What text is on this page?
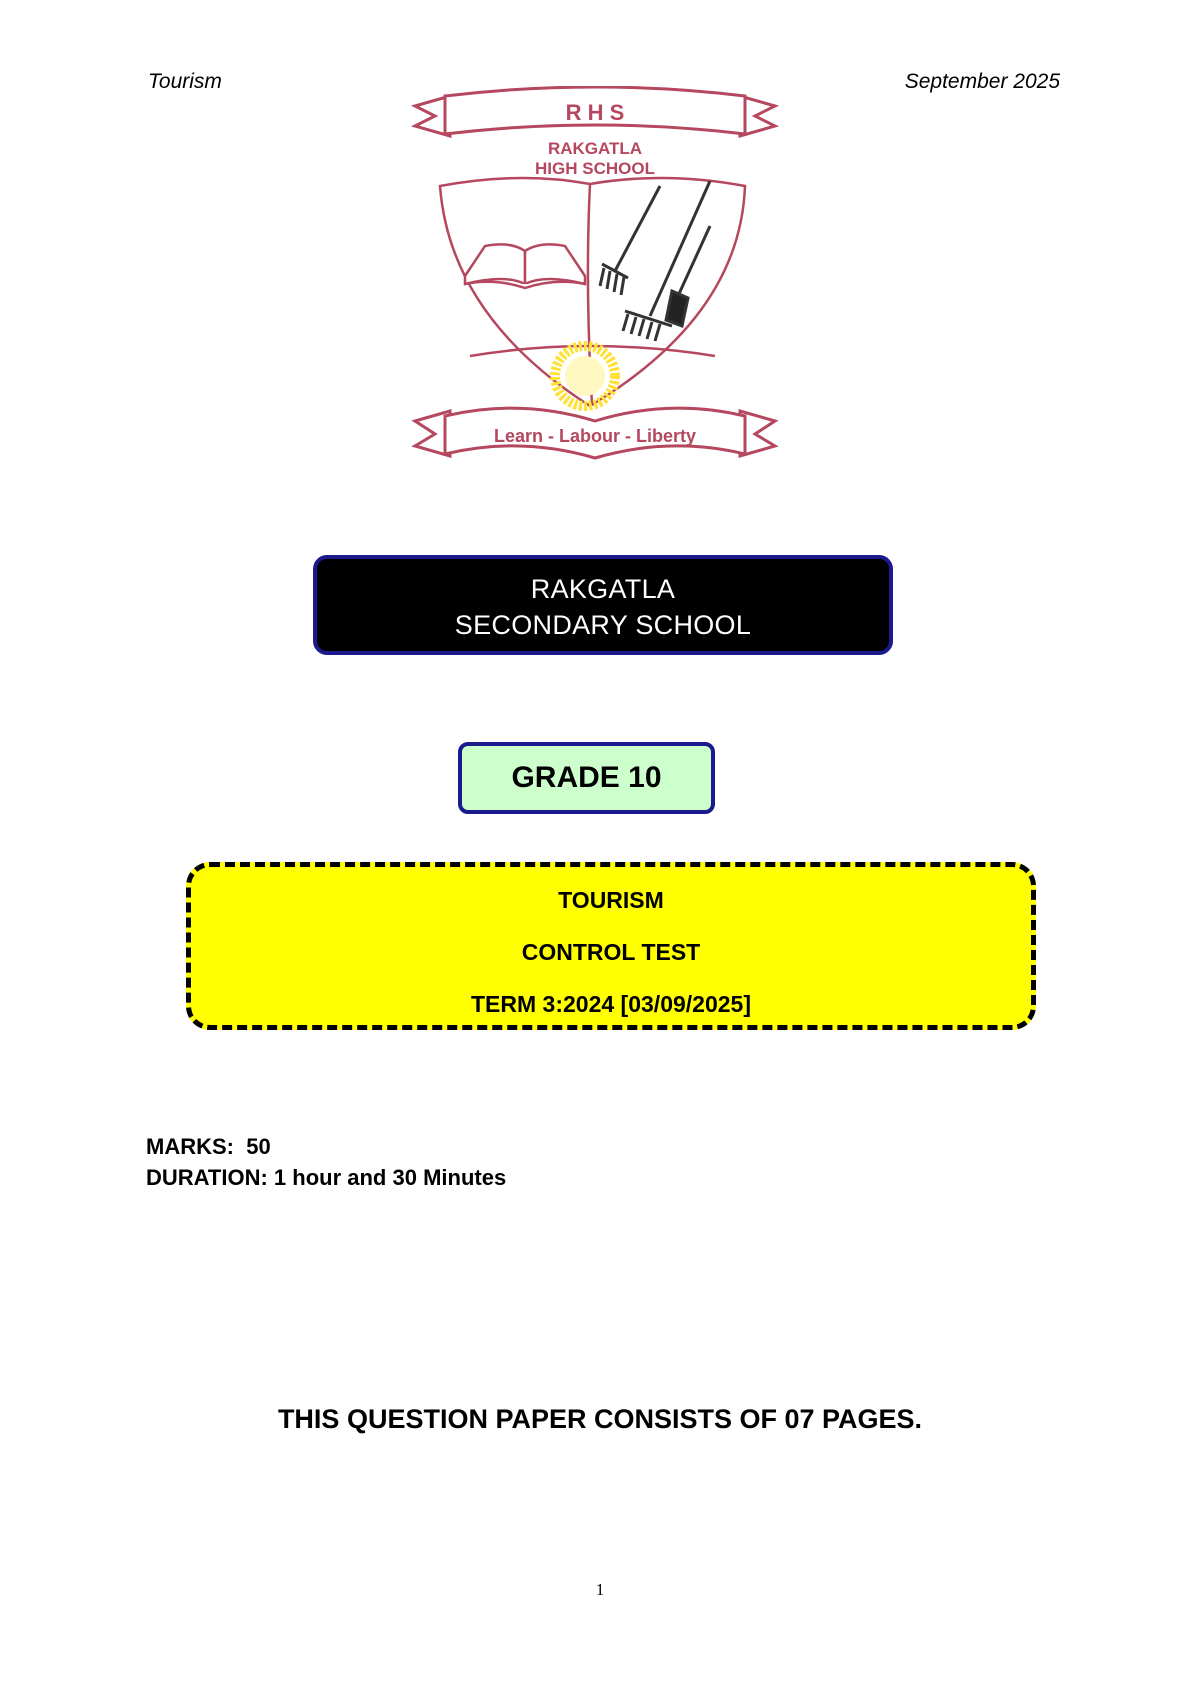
Tourism	September 2025
R H S
RAKGATLA
HIGH SCHOOL
Learn - Labour - Liberty
RAKGATLA
SECONDARY SCHOOL
GRADE 10
TOURISM
CONTROL TEST
TERM 3:2024 [03/09/2025]
MARKS: 50
DURATION: 1 hour and 30 Minutes
THIS QUESTION PAPER CONSISTS OF 07 PAGES.
1
